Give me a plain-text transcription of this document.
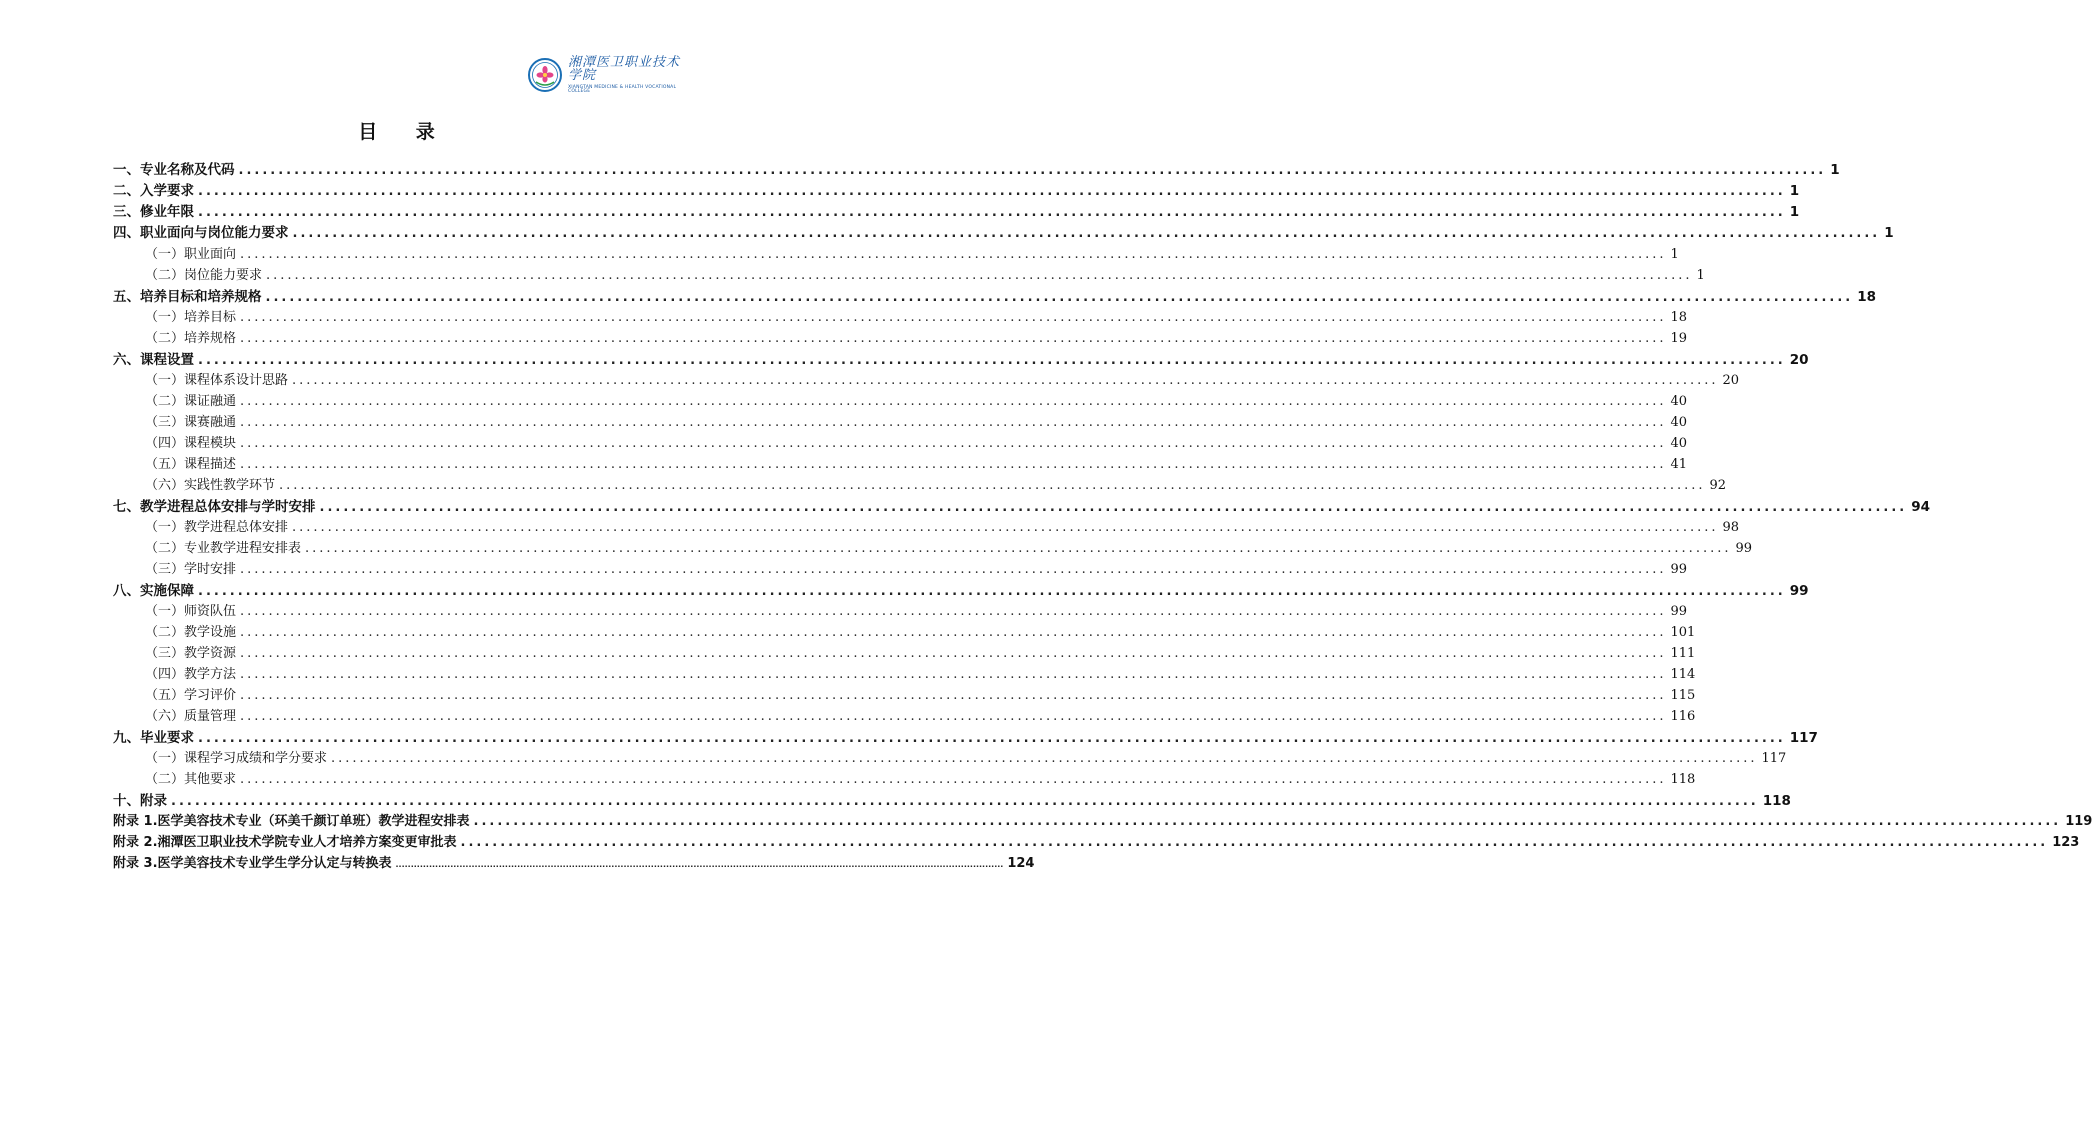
湘潭医卫职业技术学院
XIANGTAN MEDICINE & HEALTH VOCATIONAL COLLEGE
目 录
一、专业名称及代码 ........................................................................................................................................................................................................ 1
二、入学要求 ........................................................................................................................................................................................................ 1
三、修业年限 ........................................................................................................................................................................................................ 1
四、职业面向与岗位能力要求 ........................................................................................................................................................................................................ 1
（一）职业面向 ........................................................................................................................................................................................................ 1
（二）岗位能力要求 ........................................................................................................................................................................................................ 1
五、培养目标和培养规格 ........................................................................................................................................................................................................ 18
（一）培养目标 ........................................................................................................................................................................................................ 18
（二）培养规格 ........................................................................................................................................................................................................ 19
六、课程设置 ........................................................................................................................................................................................................ 20
（一）课程体系设计思路 ........................................................................................................................................................................................................ 20
（二）课证融通 ........................................................................................................................................................................................................ 40
（三）课赛融通 ........................................................................................................................................................................................................ 40
（四）课程模块 ........................................................................................................................................................................................................ 40
（五）课程描述 ........................................................................................................................................................................................................ 41
（六）实践性教学环节 ........................................................................................................................................................................................................ 92
七、教学进程总体安排与学时安排 ........................................................................................................................................................................................................ 94
（一）教学进程总体安排 ........................................................................................................................................................................................................ 98
（二）专业教学进程安排表 ........................................................................................................................................................................................................ 99
（三）学时安排 ........................................................................................................................................................................................................ 99
八、实施保障 ........................................................................................................................................................................................................ 99
（一）师资队伍 ........................................................................................................................................................................................................ 99
（二）教学设施 ........................................................................................................................................................................................................ 101
（三）教学资源 ........................................................................................................................................................................................................ 111
（四）教学方法 ........................................................................................................................................................................................................ 114
（五）学习评价 ........................................................................................................................................................................................................ 115
（六）质量管理 ........................................................................................................................................................................................................ 116
九、毕业要求 ........................................................................................................................................................................................................ 117
（一）课程学习成绩和学分要求 ........................................................................................................................................................................................................ 117
（二）其他要求 ........................................................................................................................................................................................................ 118
十、附录 ........................................................................................................................................................................................................ 118
附录 1.医学美容技术专业（环美千颜订单班）教学进程安排表 ........................................................................................................................................................................................................ 119
附录 2.湘潭医卫职业技术学院专业人才培养方案变更审批表 ........................................................................................................................................................................................................ 123
附录 3.医学美容技术专业学生学分认定与转换表 ........................................................................................................................................................................................................ 124
